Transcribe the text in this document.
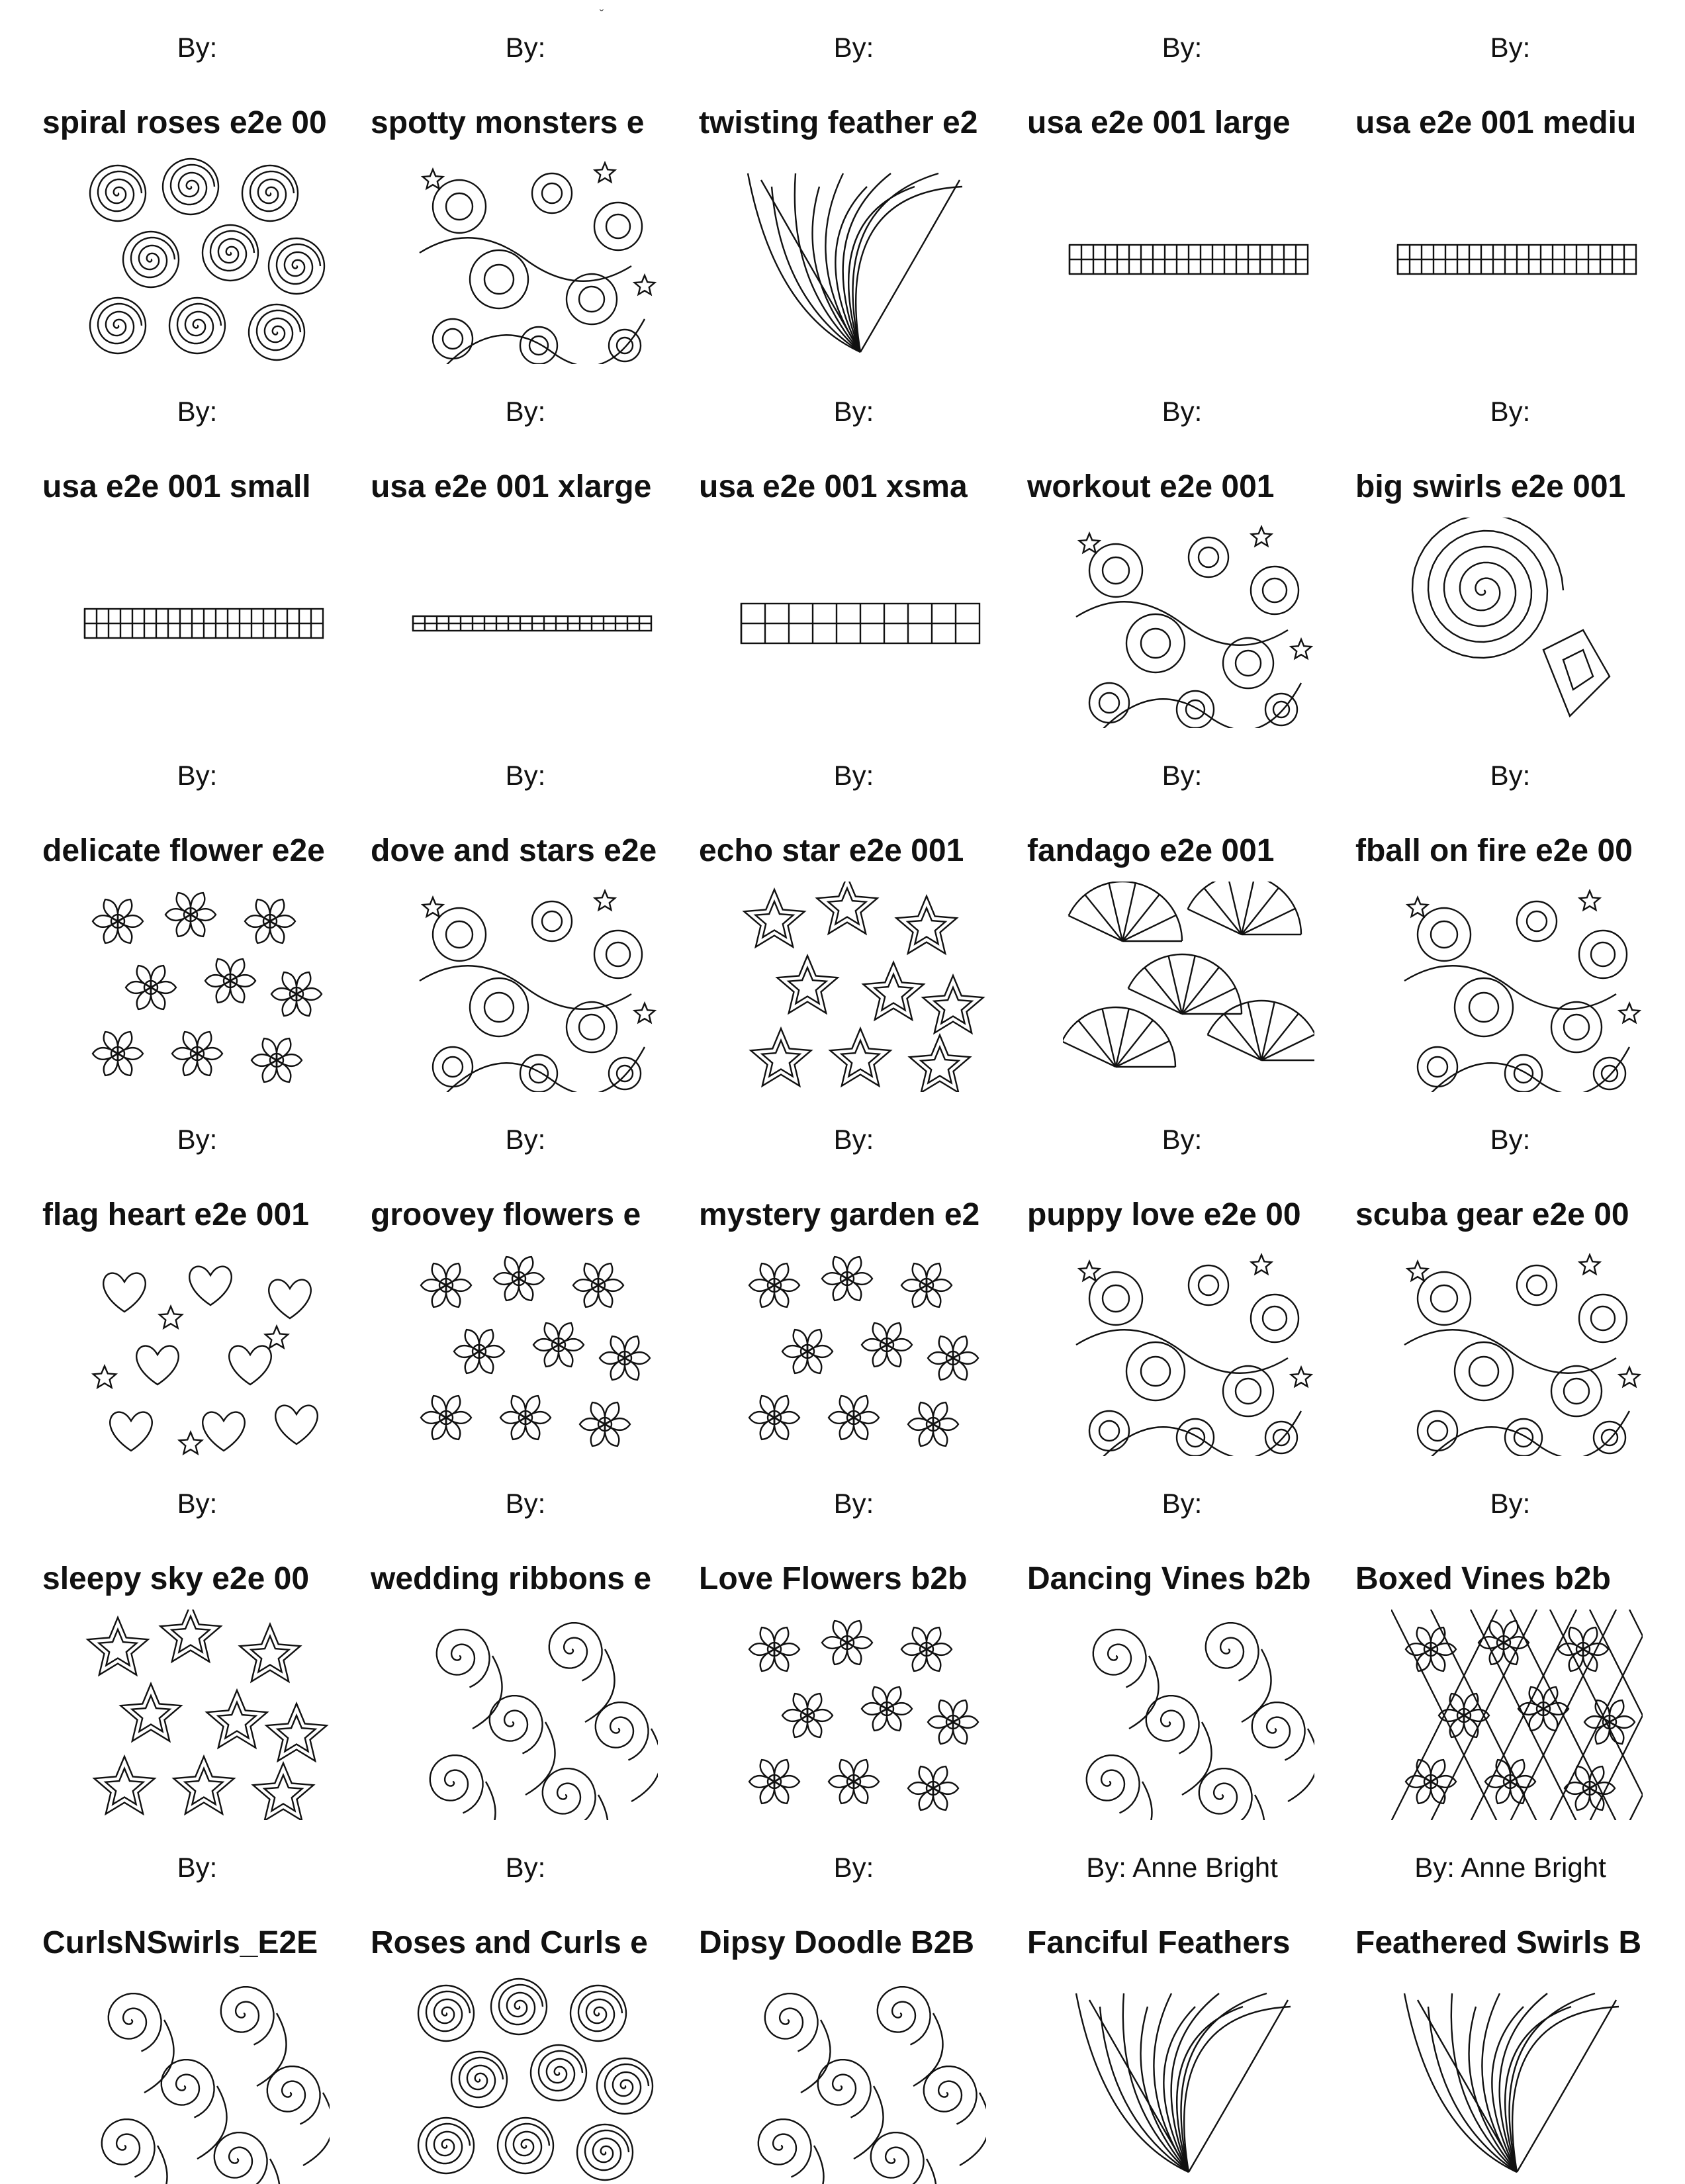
ˇ
By:
spiral roses e2e 00
By:
spotty monsters e
By:
twisting feather e2
By:
usa e2e 001 large
By:
usa e2e 001 mediu
By:
usa e2e 001 small
By:
usa e2e 001 xlarge
By:
usa e2e 001 xsma
By:
workout e2e 001
By:
big swirls e2e 001
By:
delicate flower e2e
By:
dove and stars e2e
By:
echo star e2e 001
By:
fandago e2e 001
By:
fball on fire e2e 00
By:
flag heart e2e 001
By:
groovey flowers e
By:
mystery garden e2
By:
puppy love e2e 00
By:
scuba gear e2e 00
By:
sleepy sky e2e 00
By:
wedding ribbons e
By:
Love Flowers b2b
By:
Dancing Vines b2b
By:
Boxed Vines b2b
By:
CurlsNSwirls_E2E
By:
Roses and Curls e
By:
Dipsy Doodle B2B
By: Anne Bright
Fanciful Feathers
By: Anne Bright
Feathered Swirls B
